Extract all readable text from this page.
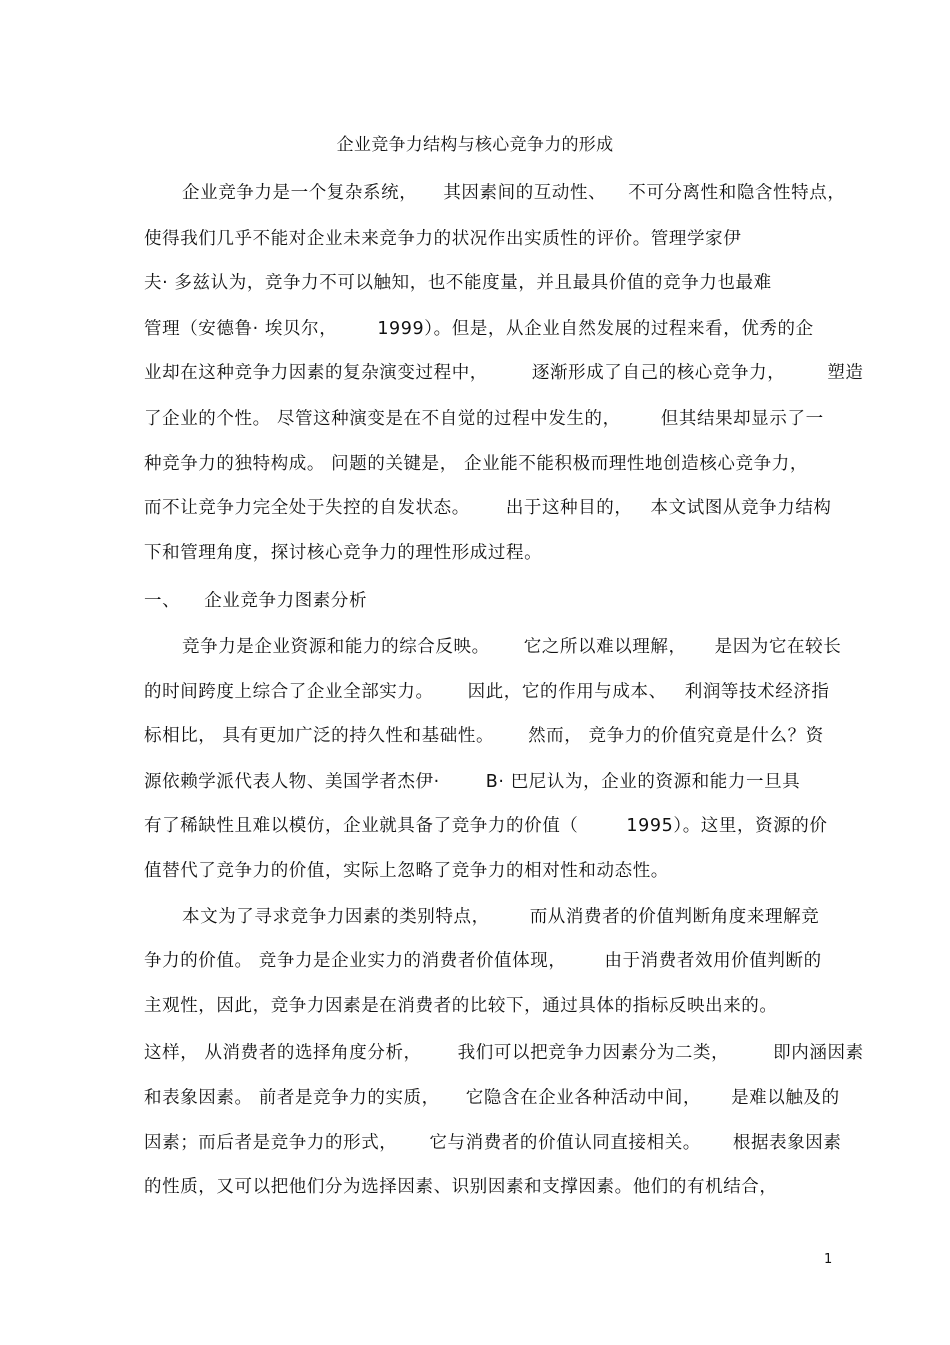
企业竞争力结构与核心竞争力的形成
企业竞争力是一个复杂系统， 其因素间的互动性、 不可分离性和隐含性特点，
使得我们几乎不能对企业未来竞争力的状况作出实质性的评价。管理学家伊
夫· 多兹认为，竞争力不可以触知，也不能度量，并且最具价值的竞争力也最难
管理（安德鲁· 埃贝尔， 1999）。但是，从企业自然发展的过程来看，优秀的企
业却在这种竞争力因素的复杂演变过程中，	逐渐形成了自己的核心竞争力， 塑造
了企业的个性。 尽管这种演变是在不自觉的过程中发生的， 但其结果却显示了一
种竞争力的独特构成。 问题的关键是， 企业能不能积极而理性地创造核心竞争力，
而不让竞争力完全处于失控的自发状态。 出于这种目的， 本文试图从竞争力结构
下和管理角度，探讨核心竞争力的理性形成过程。
一、 企业竞争力图素分析
竞争力是企业资源和能力的综合反映。 它之所以难以理解， 是因为它在较长
的时间跨度上综合了企业全部实力。 因此，它的作用与成本、 利润等技术经济指
标相比， 具有更加广泛的持久性和基础性。 然而， 竞争力的价值究竟是什么？资
源依赖学派代表人物、美国学者杰伊·	B· 巴尼认为，企业的资源和能力一旦具
有了稀缺性且难以模仿，企业就具备了竞争力的价值（	1995）。这里，资源的价
值替代了竞争力的价值，实际上忽略了竞争力的相对性和动态性。
本文为了寻求竞争力因素的类别特点， 而从消费者的价值判断角度来理解竞
争力的价值。 竞争力是企业实力的消费者价值体现， 由于消费者效用价值判断的
主观性，因此，竞争力因素是在消费者的比较下，通过具体的指标反映出来的。
这样， 从消费者的选择角度分析， 我们可以把竞争力因素分为二类，	即内涵因素
和表象因素。 前者是竞争力的实质， 它隐含在企业各种活动中间， 是难以触及的
因素；而后者是竞争力的形式， 它与消费者的价值认同直接相关。 根据表象因素
的性质，又可以把他们分为选择因素、识别因素和支撑因素。他们的有机结合，
1
